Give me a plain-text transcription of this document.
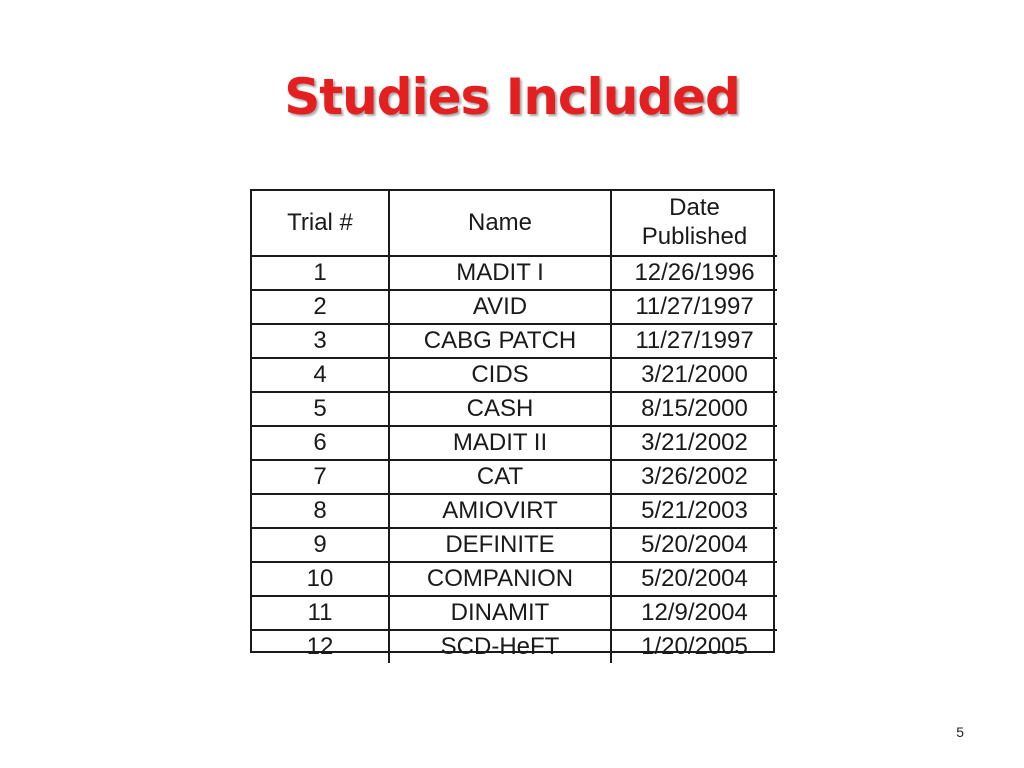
Studies Included
Trial #	Name	Date
Published
1	MADIT I	12/26/1996
2	AVID	11/27/1997
3	CABG PATCH	11/27/1997
4	CIDS	3/21/2000
5	CASH	8/15/2000
6	MADIT II	3/21/2002
7	CAT	3/26/2002
8	AMIOVIRT	5/21/2003
9	DEFINITE	5/20/2004
10	COMPANION	5/20/2004
11	DINAMIT	12/9/2004
12	SCD-HeFT	1/20/2005
5
